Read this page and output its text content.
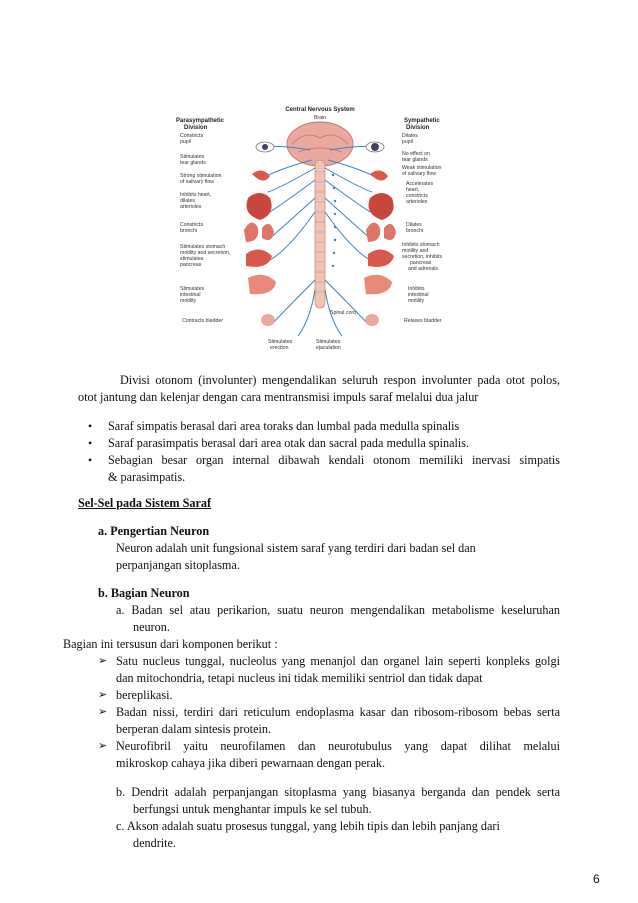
Central Nervous System
Brain
Parasympathetic
Division
Sympathetic
Division
Spinal cord
Constricts
pupil
Stimulates
tear glands
Strong stimulation
of salivary flow
Inhibits heart,
dilates
arterioles
Constricts
bronchi
Stimulates stomach
motility and secretion,
stimulates
pancreas
Stimulates
intestinal
motility
Contracts bladder
Dilates
pupil
No effect on
tear glands
Weak stimulation
of salivary flow
Accelerates
heart,
constricts
arterioles
Dilates
bronchi
Inhibits stomach
motility and
secretion, inhibits
pancreas
and adrenals
Inhibits
intestinal
motility
Relaxes bladder
Stimulates
erection
Stimulates
ejaculation
Divisi otonom (involunter) mengendalikan seluruh respon involunter pada otot polos,
otot jantung dan kelenjar dengan cara mentransmisi impuls saraf melalui dua jalur
• Saraf simpatis berasal dari area toraks dan lumbal pada medulla spinalis
• Saraf parasimpatis berasal dari area otak dan sacral pada medulla spinalis.
• Sebagian besar organ internal dibawah kendali otonom memiliki inervasi simpatis
& parasimpatis.
Sel-Sel pada Sistem Saraf
a. Pengertian Neuron
Neuron adalah unit fungsional sistem saraf yang terdiri dari badan sel dan
perpanjangan sitoplasma.
b. Bagian Neuron
a. Badan sel atau perikarion, suatu neuron mengendalikan metabolisme keseluruhan
neuron.
Bagian ini tersusun dari komponen berikut :
➢ Satu nucleus tunggal, nucleolus yang menanjol dan organel lain seperti konpleks golgi
dan mitochondria, tetapi nucleus ini tidak memiliki sentriol dan tidak dapat
➢ bereplikasi.
➢ Badan nissi, terdiri dari reticulum endoplasma kasar dan ribosom-ribosom bebas serta
berperan dalam sintesis protein.
➢ Neurofibril yaitu neurofilamen dan neurotubulus yang dapat dilihat melalui
mikroskop cahaya jika diberi pewarnaan dengan perak.
b. Dendrit adalah perpanjangan sitoplasma yang biasanya berganda dan pendek serta
berfungsi untuk menghantar impuls ke sel tubuh.
c. Akson adalah suatu prosesus tunggal, yang lebih tipis dan lebih panjang dari
dendrite.
6
